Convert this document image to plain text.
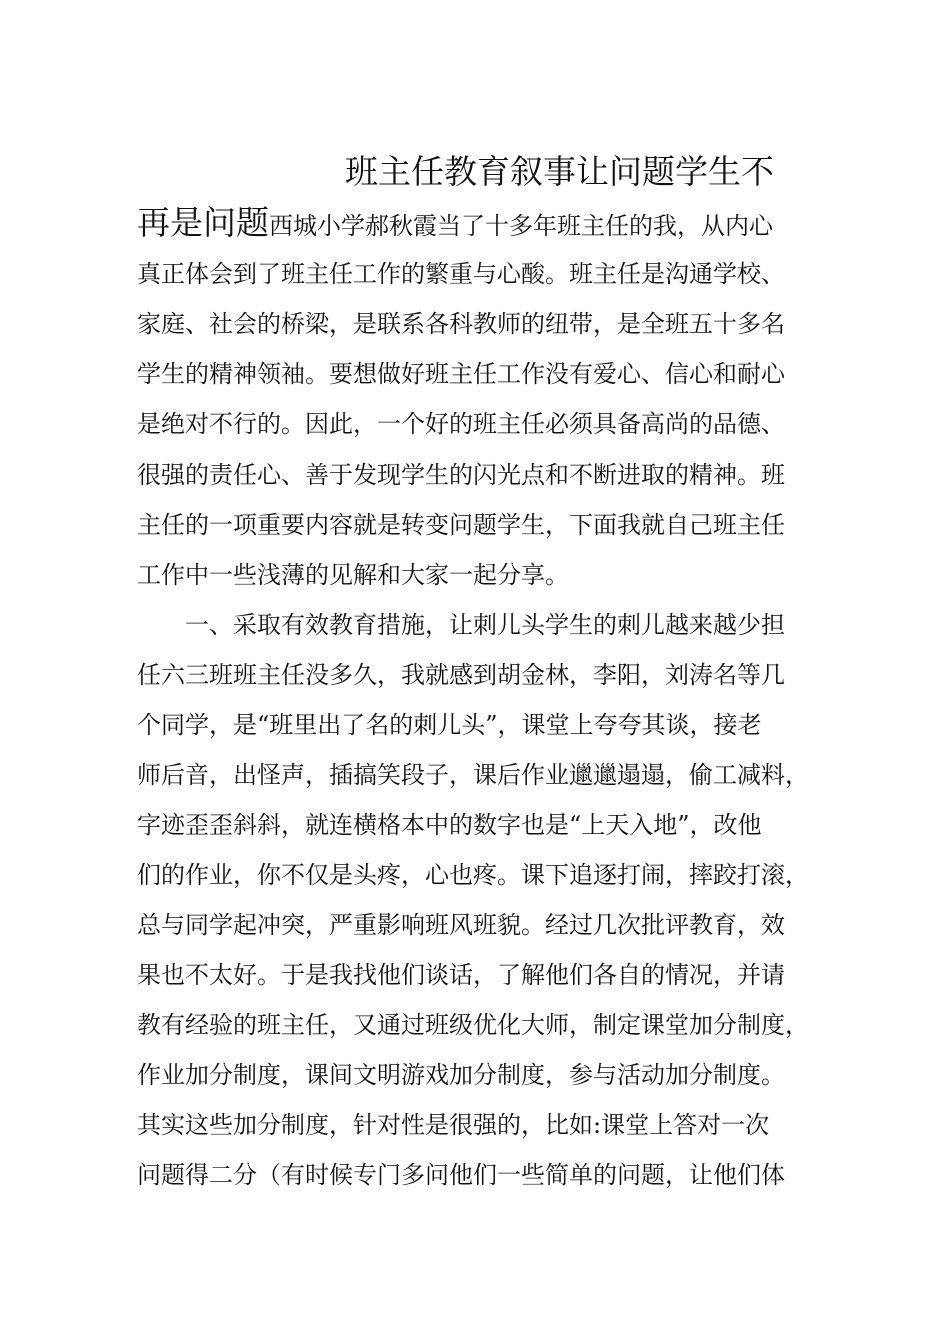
班主任教育叙事让问题学生不
再是问题西城小学郝秋霞当了十多年班主任的我，从内心
真正体会到了班主任工作的繁重与心酸。班主任是沟通学校、
家庭、社会的桥梁，是联系各科教师的纽带，是全班五十多名
学生的精神领袖。要想做好班主任工作没有爱心、信心和耐心
是绝对不行的。因此，一个好的班主任必须具备高尚的品德、
很强的责任心、善于发现学生的闪光点和不断进取的精神。班
主任的一项重要内容就是转变问题学生，下面我就自己班主任
工作中一些浅薄的见解和大家一起分享。
一、采取有效教育措施，让刺儿头学生的刺儿越来越少担
任六三班班主任没多久，我就感到胡金林，李阳，刘涛名等几
个同学，是“班里出了名的刺儿头”，课堂上夸夸其谈，接老
师后音，出怪声，插搞笑段子，课后作业邋邋遢遢，偷工减料，
字迹歪歪斜斜，就连横格本中的数字也是“上天入地”，改他
们的作业，你不仅是头疼，心也疼。课下追逐打闹，摔跤打滚，
总与同学起冲突，严重影响班风班貌。经过几次批评教育，效
果也不太好。于是我找他们谈话，了解他们各自的情况，并请
教有经验的班主任，又通过班级优化大师，制定课堂加分制度，
作业加分制度，课间文明游戏加分制度，参与活动加分制度。
其实这些加分制度，针对性是很强的，比如:课堂上答对一次
问题得二分（有时候专门多问他们一些简单的问题，让他们体
